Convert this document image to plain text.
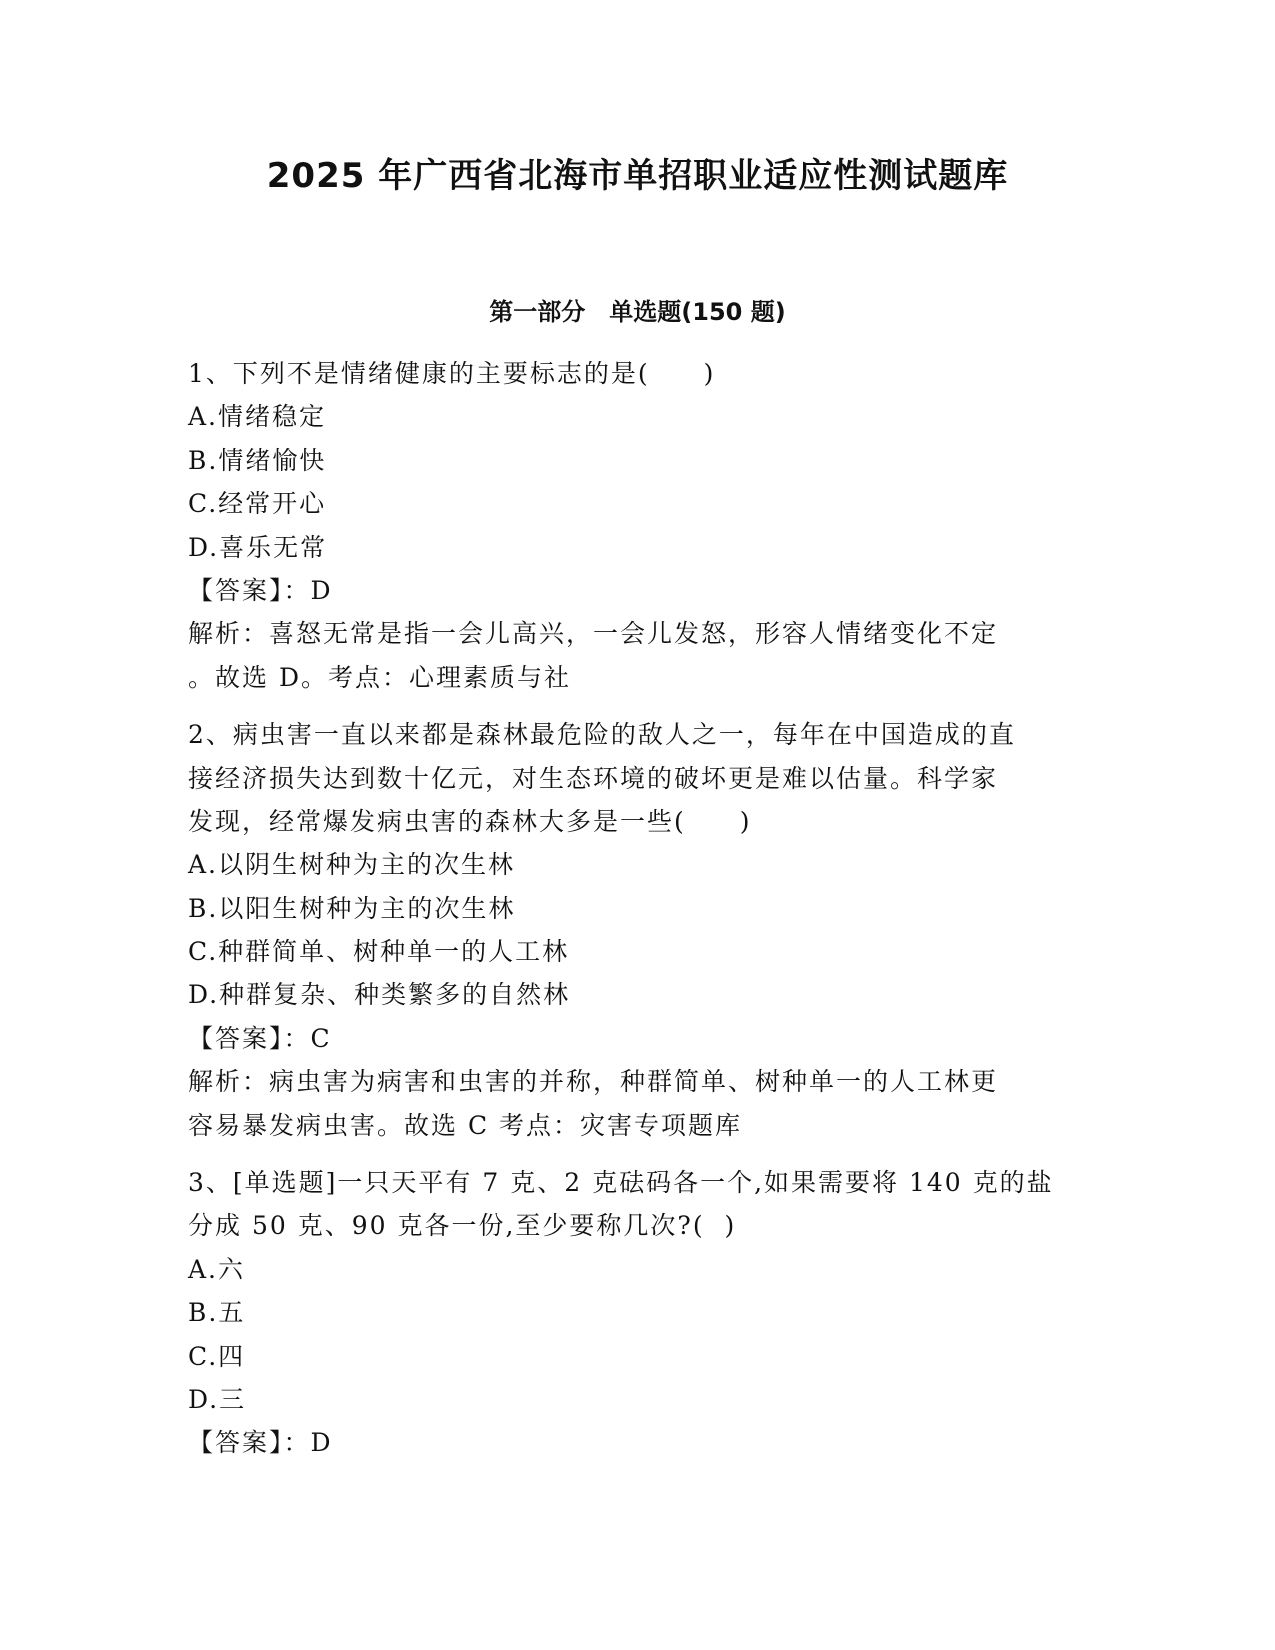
2025 年广西省北海市单招职业适应性测试题库
第一部分　单选题(150 题)
1、下列不是情绪健康的主要标志的是(　　)
A.情绪稳定
B.情绪愉快
C.经常开心
D.喜乐无常
【答案】：D
解析：喜怒无常是指一会儿高兴，一会儿发怒，形容人情绪变化不定
。故选 D。考点：心理素质与社
2、病虫害一直以来都是森林最危险的敌人之一，每年在中国造成的直
接经济损失达到数十亿元，对生态环境的破坏更是难以估量。科学家
发现，经常爆发病虫害的森林大多是一些(　　)
A.以阴生树种为主的次生林
B.以阳生树种为主的次生林
C.种群简单、树种单一的人工林
D.种群复杂、种类繁多的自然林
【答案】：C
解析：病虫害为病害和虫害的并称，种群简单、树种单一的人工林更
容易暴发病虫害。故选 C 考点：灾害专项题库
3、[单选题]一只天平有 7 克、2 克砝码各一个,如果需要将 140 克的盐
分成 50 克、90 克各一份,至少要称几次?(  )
A.六
B.五
C.四
D.三
【答案】：D
